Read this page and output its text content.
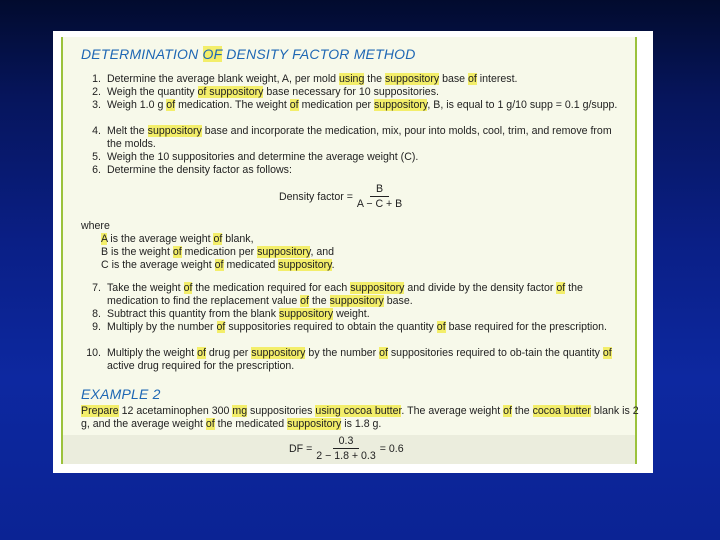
DETERMINATION OF DENSITY FACTOR METHOD
1. Determine the average blank weight, A, per mold using the suppository base of interest.
2. Weigh the quantity of suppository base necessary for 10 suppositories.
3. Weigh 1.0 g of medication. The weight of medication per suppository, B, is equal to 1 g/10 supp = 0.1 g/supp.
4. Melt the suppository base and incorporate the medication, mix, pour into molds, cool, trim, and remove from the molds.
5. Weigh the 10 suppositories and determine the average weight (C).
6. Determine the density factor as follows:
Density factor = $\frac{B}{A - C + B}$
where
A is the average weight of blank,
B is the weight of medication per suppository, and
C is the average weight of medicated suppository.
7. Take the weight of the medication required for each suppository and divide by the density factor of the medication to find the replacement value of the suppository base.
8. Subtract this quantity from the blank suppository weight.
9. Multiply by the number of suppositories required to obtain the quantity of base required for the prescription.
10. Multiply the weight of drug per suppository by the number of suppositories required to ob-tain the quantity of active drug required for the prescription.
EXAMPLE 2
Prepare 12 acetaminophen 300 mg suppositories using cocoa butter. The average weight of the cocoa butter blank is 2 g, and the average weight of the medicated suppository is 1.8 g.
DF = $\frac{0.3}{2 - 1.8 + 0.3} = 0.6$
